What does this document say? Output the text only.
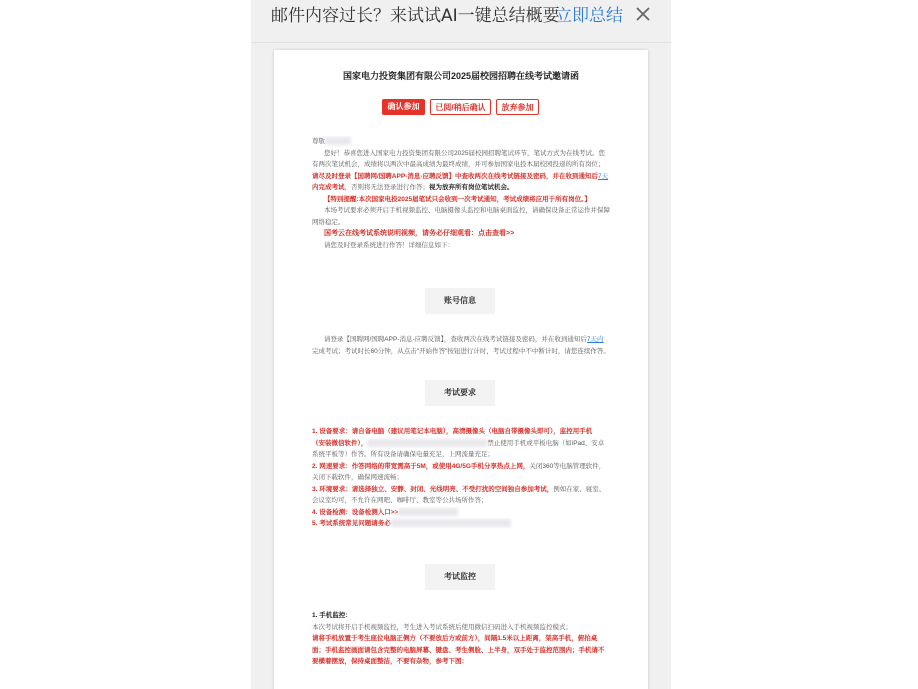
邮件内容过长？来试试AI一键总结概要
立即总结
国家电力投资集团有限公司2025届校园招聘在线考试邀请函
确认参加	已阅/稍后确认	放弃参加
尊敬
您好！恭喜您进入国家电力投资集团有限公司2025届校园招聘笔试环节，笔试方式为在线考试。您
有两次笔试机会，成绩将以两次中最高成绩为最终成绩，并可参加国家电投本届校园投递的所有岗位；
请尽及时登录【国聘网/国聘APP-消息-应聘反馈】中查收两次在线考试链接及密码，并在收到通知后7天
内完成考试，否则将无法登录进行作答；视为放弃所有岗位笔试机会。
【特别提醒:本次国家电投2025届笔试只会收到一次考试通知，考试成绩将应用于所有岗位。】
本场考试要求必须开启手机视频监控、电脑摄像头监控和电脑桌面监控，请确保设备正常运作并保障
网络稳定。
国考云在线考试系统说明视频，请务必仔细观看：点击查看>>
请您及时登录系统进行作答！详细信息如下：
账号信息
请登录【国聘网/国聘APP-消息-应聘反馈】，查收两次在线考试链接及密码，并在收到通知后7天内
完成考试；考试时长60分钟，从点击"开始作答"按钮进行计时，考试过程中不中断计时，请您连续作答。
考试要求
1. 设备要求：请自备电脑（建议用笔记本电脑），高清摄像头（电脑自带摄像头即可），监控用手机
（安装微信软件），	禁止使用手机或平板电脑（如iPad、安卓
系统平板等）作答。所有设备请确保电量充足，上网流量充足；
2. 网速要求：作答网络的带宽需高于5M，或使用4G/5G手机分享热点上网，关闭360等电脑管理软件，
关闭下载软件，确保网速流畅；
3. 环境要求：请选择独立、安静、封闭、光线明亮、不受打扰的空间独自参加考试，例如在家、寝室、
会议室均可，不允许在网吧、咖啡厅、教室等公共场所作答；
4. 设备检测：设备检测入口>>
5. 考试系统常见问题请务必
考试监控
1. 手机监控:
本次考试将开启手机视频监控，考生进入考试系统后使用微信扫码进入手机视频监控模式；
请将手机放置于考生座位电脑正侧方（不要放后方或前方），间隔1.5米以上距离，架高手机，俯拍桌
面；手机监控画面请包含完整的电脑屏幕、键盘、考生侧脸、上半身，双手处于监控范围内；手机请不
要横着摆放，保持桌面整洁，不要有杂物，参考下图：
